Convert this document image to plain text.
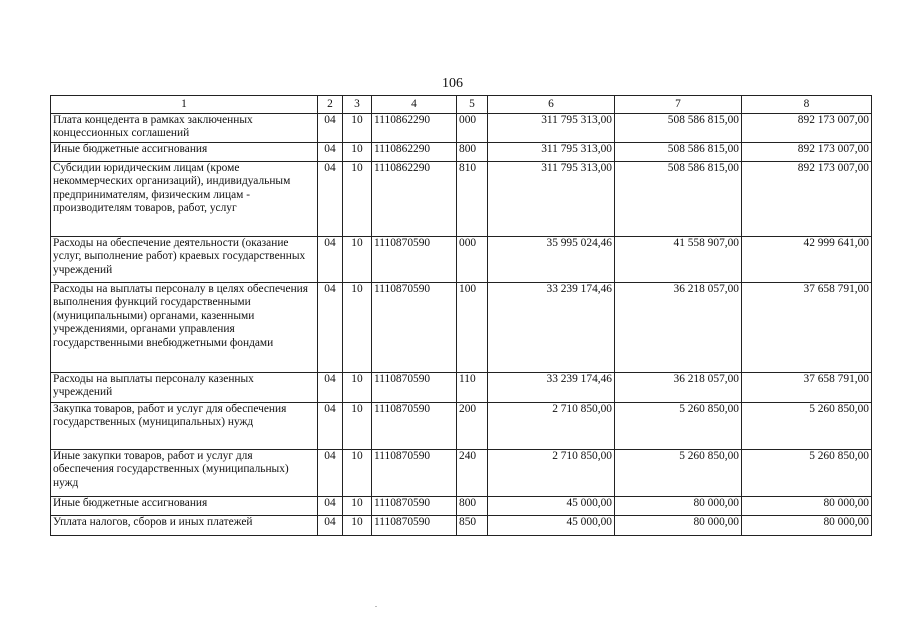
106
1	2	3	4	5	6	7	8
Плата концедента в рамках заключенных концессионных соглашений	04	10	1110862290	000	311 795 313,00	508 586 815,00	892 173 007,00
Иные бюджетные ассигнования	04	10	1110862290	800	311 795 313,00	508 586 815,00	892 173 007,00
Субсидии юридическим лицам (кроме некоммерческих организаций), индивидуальным предпринимателям, физическим лицам - производителям товаров, работ, услуг	04	10	1110862290	810	311 795 313,00	508 586 815,00	892 173 007,00
Расходы на обеспечение деятельности (оказание услуг, выполнение работ) краевых государственных учреждений	04	10	1110870590	000	35 995 024,46	41 558 907,00	42 999 641,00
Расходы на выплаты персоналу в целях обеспечения выполнения функций государственными (муниципальными) органами, казенными учреждениями, органами управления государственными внебюджетными фондами	04	10	1110870590	100	33 239 174,46	36 218 057,00	37 658 791,00
Расходы на выплаты персоналу казенных учреждений	04	10	1110870590	110	33 239 174,46	36 218 057,00	37 658 791,00
Закупка товаров, работ и услуг для обеспечения государственных (муниципальных) нужд	04	10	1110870590	200	2 710 850,00	5 260 850,00	5 260 850,00
Иные закупки товаров, работ и услуг для обеспечения государственных (муниципальных) нужд	04	10	1110870590	240	2 710 850,00	5 260 850,00	5 260 850,00
Иные бюджетные ассигнования	04	10	1110870590	800	45 000,00	80 000,00	80 000,00
Уплата налогов, сборов и иных платежей	04	10	1110870590	850	45 000,00	80 000,00	80 000,00
